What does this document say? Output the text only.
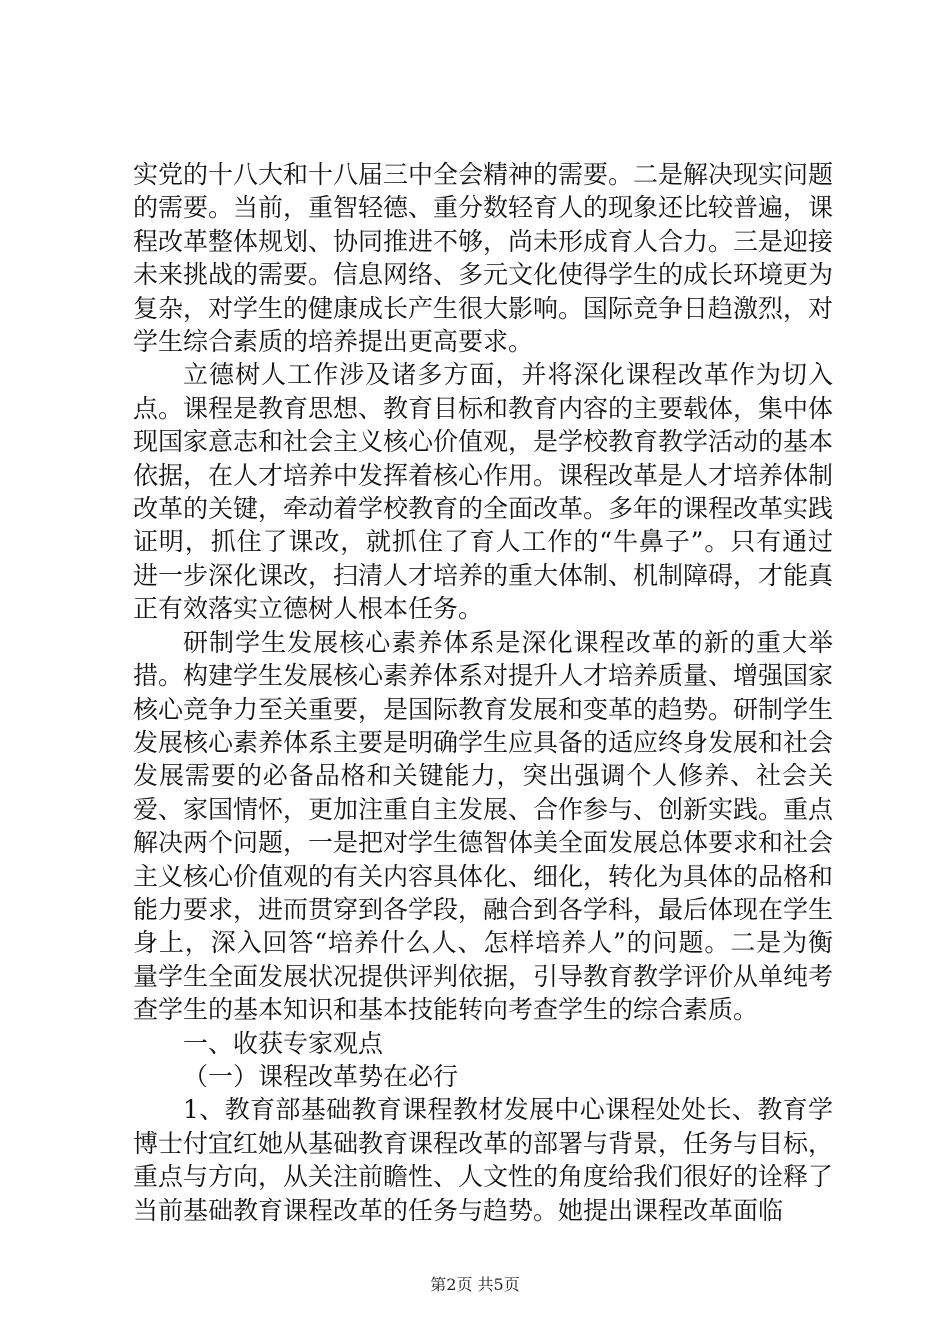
实党的十八大和十八届三中全会精神的需要。二是解决现实问题的需要。当前，重智轻德、重分数轻育人的现象还比较普遍，课程改革整体规划、协同推进不够，尚未形成育人合力。三是迎接未来挑战的需要。信息网络、多元文化使得学生的成长环境更为复杂，对学生的健康成长产生很大影响。国际竞争日趋激烈，对学生综合素质的培养提出更高要求。

立德树人工作涉及诸多方面，并将深化课程改革作为切入点。课程是教育思想、教育目标和教育内容的主要载体，集中体现国家意志和社会主义核心价值观，是学校教育教学活动的基本依据，在人才培养中发挥着核心作用。课程改革是人才培养体制改革的关键，牵动着学校教育的全面改革。多年的课程改革实践证明，抓住了课改，就抓住了育人工作的“牛鼻子”。只有通过进一步深化课改，扫清人才培养的重大体制、机制障碍，才能真正有效落实立德树人根本任务。

研制学生发展核心素养体系是深化课程改革的新的重大举措。构建学生发展核心素养体系对提升人才培养质量、增强国家核心竞争力至关重要，是国际教育发展和变革的趋势。研制学生发展核心素养体系主要是明确学生应具备的适应终身发展和社会发展需要的必备品格和关键能力，突出强调个人修养、社会关爱、家国情怀，更加注重自主发展、合作参与、创新实践。重点解决两个问题，一是把对学生德智体美全面发展总体要求和社会主义核心价值观的有关内容具体化、细化，转化为具体的品格和能力要求，进而贯穿到各学段，融合到各学科，最后体现在学生身上，深入回答“培养什么人、怎样培养人”的问题。二是为衡量学生全面发展状况提供评判依据，引导教育教学评价从单纯考查学生的基本知识和基本技能转向考查学生的综合素质。

一、收获专家观点

（一）课程改革势在必行

1、教育部基础教育课程教材发展中心课程处处长、教育学博士付宜红她从基础教育课程改革的部署与背景，任务与目标，重点与方向，从关注前瞻性、人文性的角度给我们很好的诠释了当前基础教育课程改革的任务与趋势。她提出课程改革面临

第2页 共5页
